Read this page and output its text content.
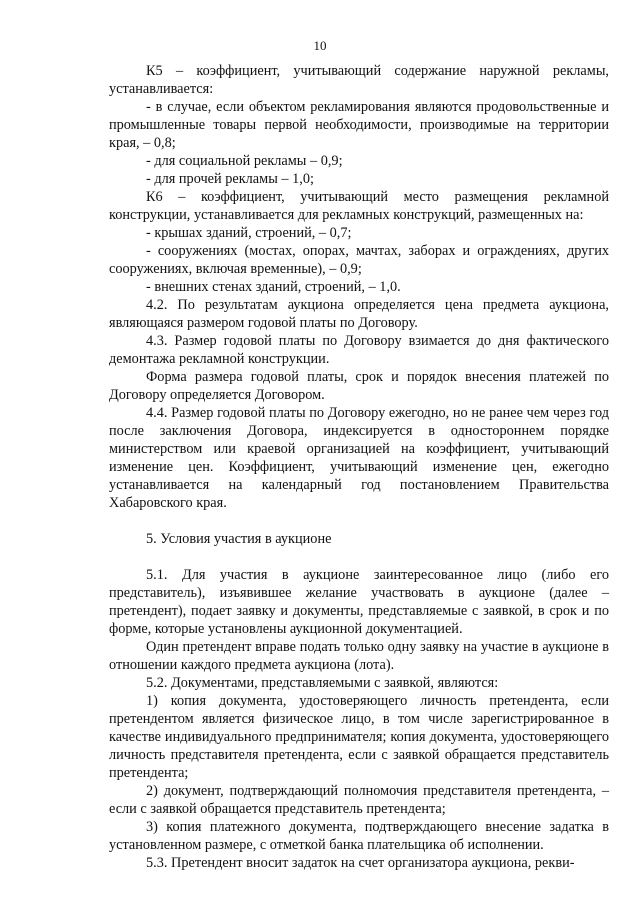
10

К5 – коэффициент, учитывающий содержание наружной рекламы, устанавливается:

- в случае, если объектом рекламирования являются продовольственные и промышленные товары первой необходимости, производимые на территории края, – 0,8;

- для социальной рекламы – 0,9;

- для прочей рекламы – 1,0;

К6 – коэффициент, учитывающий место размещения рекламной конструкции, устанавливается для рекламных конструкций, размещенных на:

- крышах зданий, строений, – 0,7;

- сооружениях (мостах, опорах, мачтах, заборах и ограждениях, других сооружениях, включая временные), – 0,9;

- внешних стенах зданий, строений, – 1,0.

4.2. По результатам аукциона определяется цена предмета аукциона, являющаяся размером годовой платы по Договору.

4.3. Размер годовой платы по Договору взимается до дня фактического демонтажа рекламной конструкции.

Форма размера годовой платы, срок и порядок внесения платежей по Договору определяется Договором.

4.4. Размер годовой платы по Договору ежегодно, но не ранее чем через год после заключения Договора, индексируется в одностороннем порядке министерством или краевой организацией на коэффициент, учитывающий изменение цен. Коэффициент, учитывающий изменение цен, ежегодно устанавливается на календарный год постановлением Правительства Хабаровского края.

5. Условия участия в аукционе

5.1. Для участия в аукционе заинтересованное лицо (либо его представитель), изъявившее желание участвовать в аукционе (далее – претендент), подает заявку и документы, представляемые с заявкой, в срок и по форме, которые установлены аукционной документацией.

Один претендент вправе подать только одну заявку на участие в аукционе в отношении каждого предмета аукциона (лота).

5.2. Документами, представляемыми с заявкой, являются:

1) копия документа, удостоверяющего личность претендента, если претендентом является физическое лицо, в том числе зарегистрированное в качестве индивидуального предпринимателя; копия документа, удостоверяющего личность представителя претендента, если с заявкой обращается представитель претендента;

2) документ, подтверждающий полномочия представителя претендента, – если с заявкой обращается представитель претендента;

3) копия платежного документа, подтверждающего внесение задатка в установленном размере, с отметкой банка плательщика об исполнении.

5.3. Претендент вносит задаток на счет организатора аукциона, рекви-
